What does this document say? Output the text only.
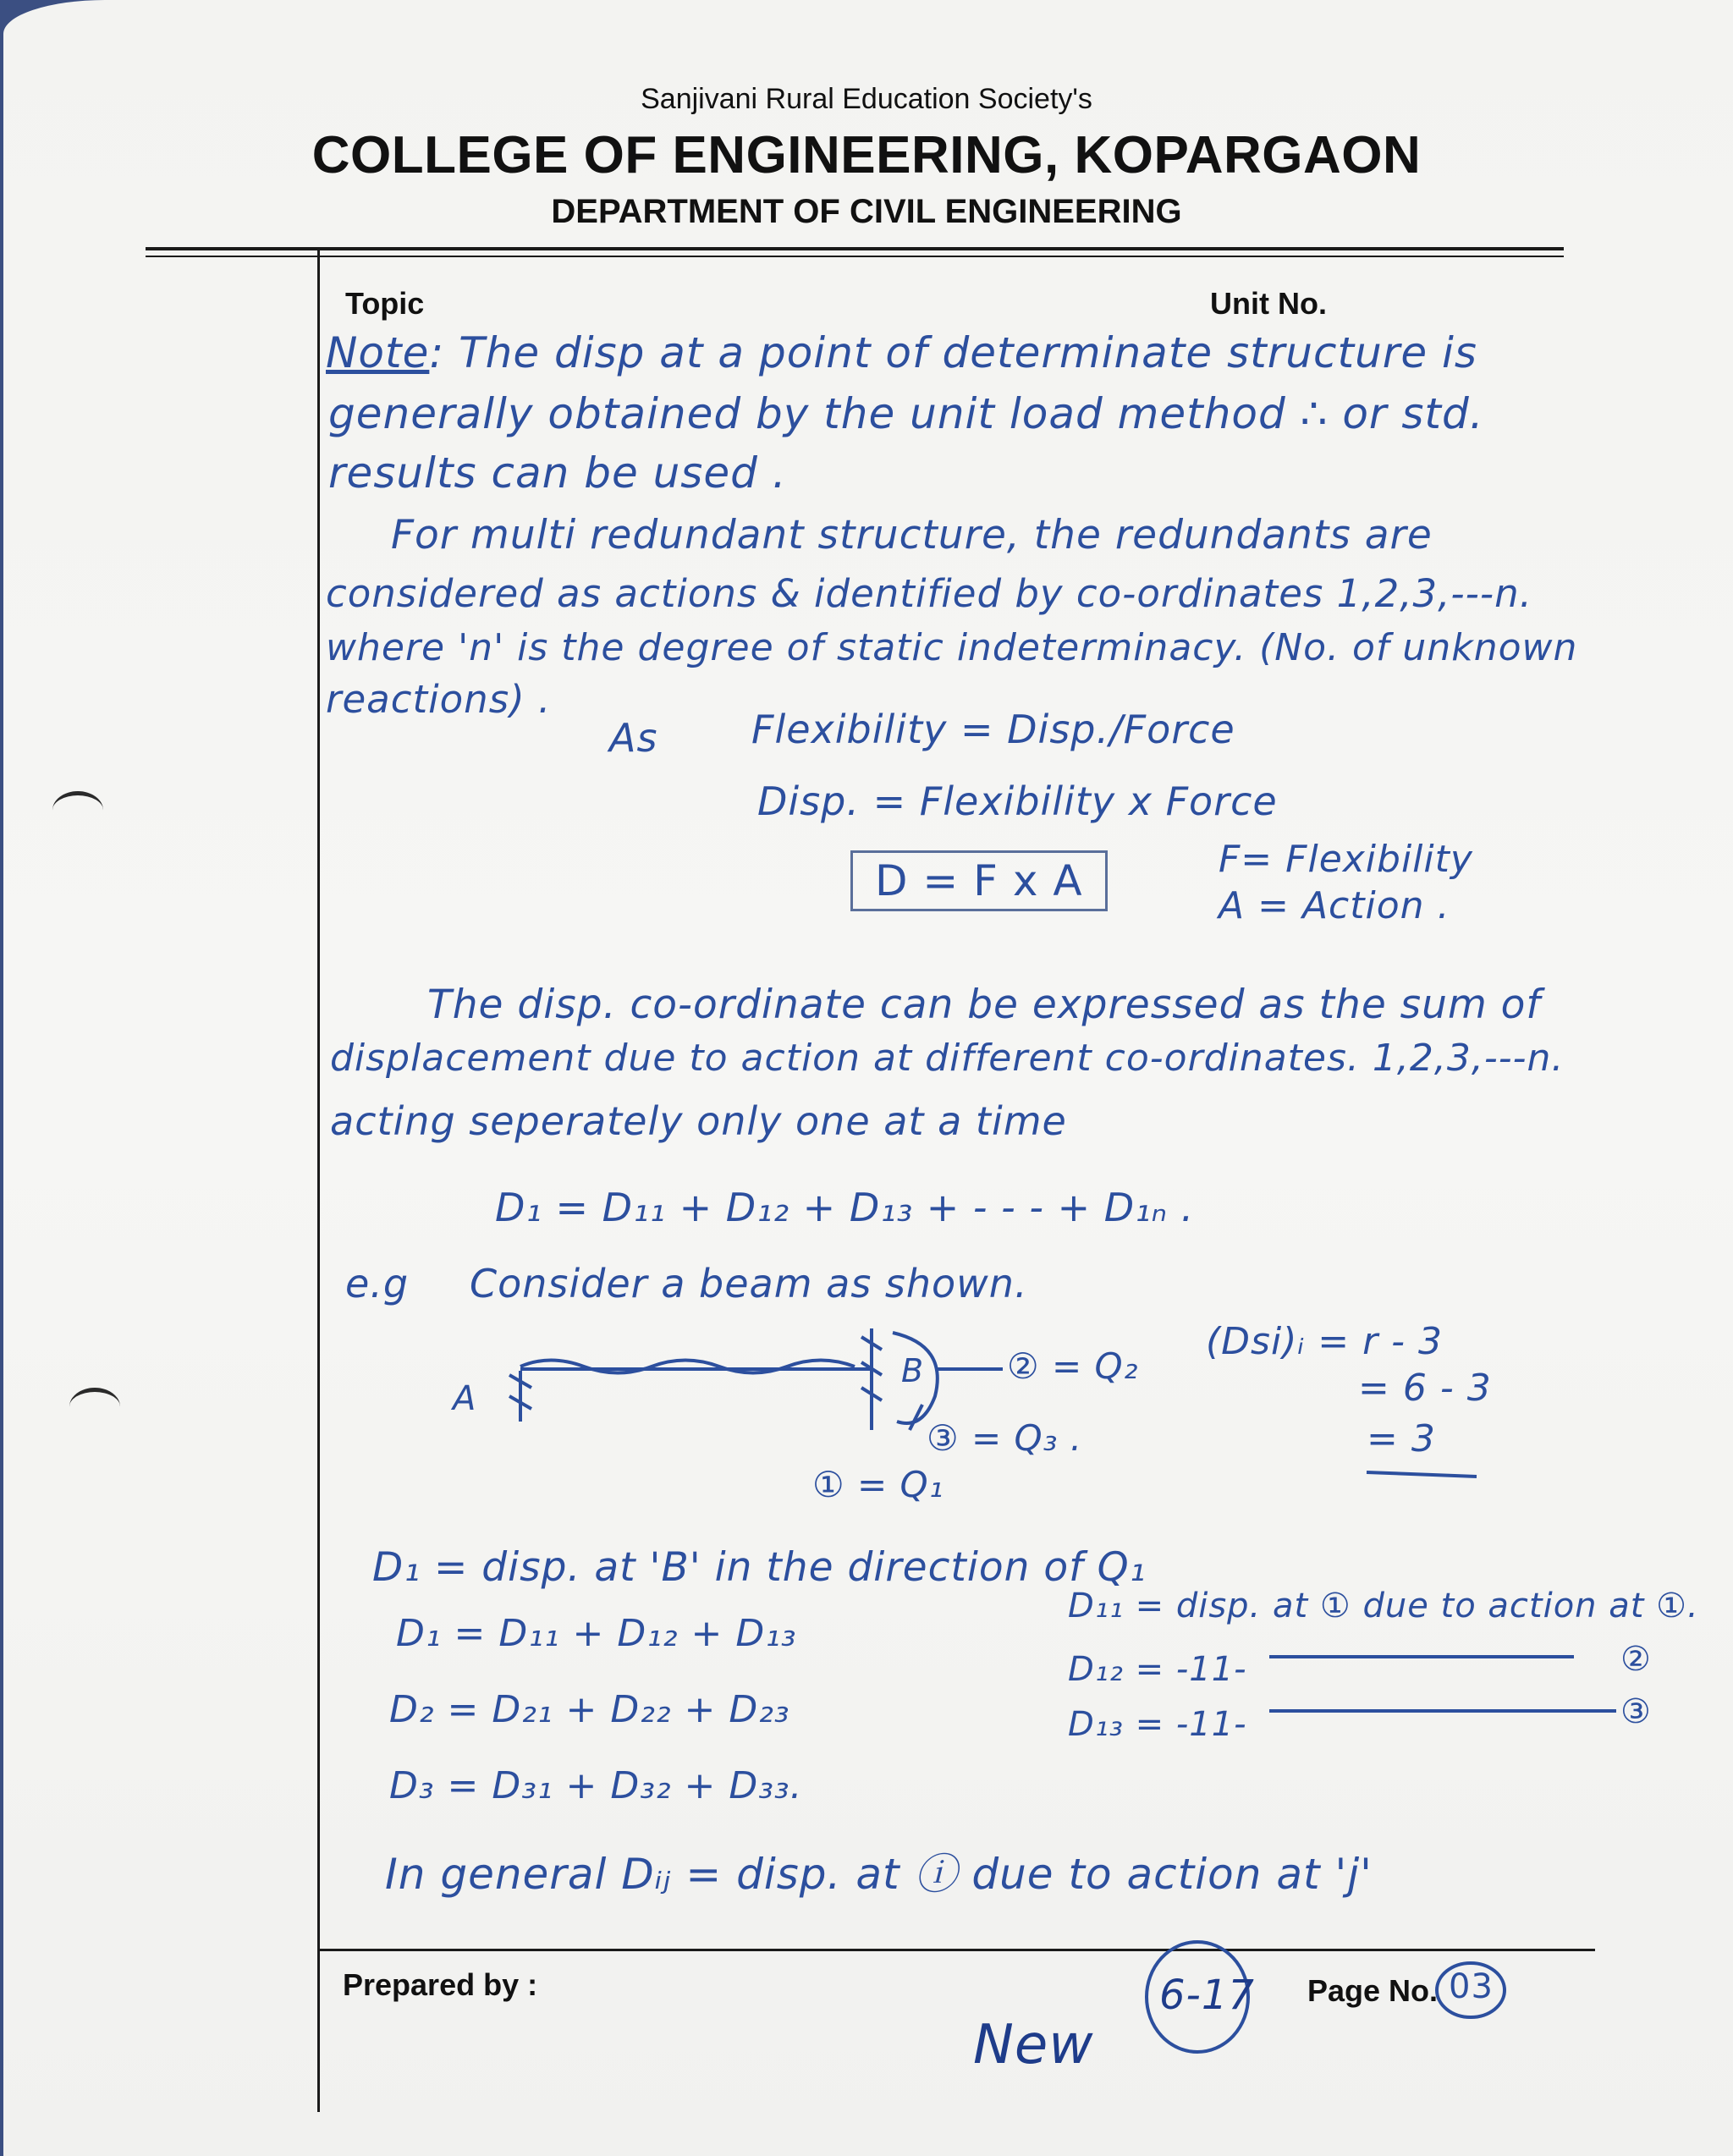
Sanjivani Rural Education Society's
COLLEGE OF ENGINEERING, KOPARGAON
DEPARTMENT OF CIVIL ENGINEERING
Topic	Unit No.
Note: The disp at a point of determinate structure is
generally obtained by the unit load method ∴ or std.
results can be used .
For multi redundant structure, the redundants are
considered as actions & identified by co-ordinates 1,2,3,---n.
where 'n' is the degree of static indeterminacy. (No. of unknown
reactions) .
As Flexibility = Disp./Force
Disp. = Flexibility x Force
D = F x A	F= Flexibility
A = Action .
The disp. co-ordinate can be expressed as the sum of
displacement due to action at different co-ordinates. 1,2,3,---n.
acting seperately only one at a time
D₁ = D₁₁ + D₁₂ + D₁₃ + - - - + D₁ₙ .
e.g Consider a beam as shown.
A
B ② = Q₂
③ = Q₃ .
① = Q₁
(Dsi)ᵢ = r - 3
= 6 - 3
= 3
D₁ = disp. at 'B' in the direction of Q₁
D₁₁ = disp. at ① due to action at ①.
D₁₂ = -11-	②
D₁₃ = -11-	③
D₁ = D₁₁ + D₁₂ + D₁₃
D₂ = D₂₁ + D₂₂ + D₂₃
D₃ = D₃₁ + D₃₂ + D₃₃.
In general Dᵢⱼ = disp. at ⓘ due to action at 'j'
Prepared by :
New
6-17 Page No. 03
